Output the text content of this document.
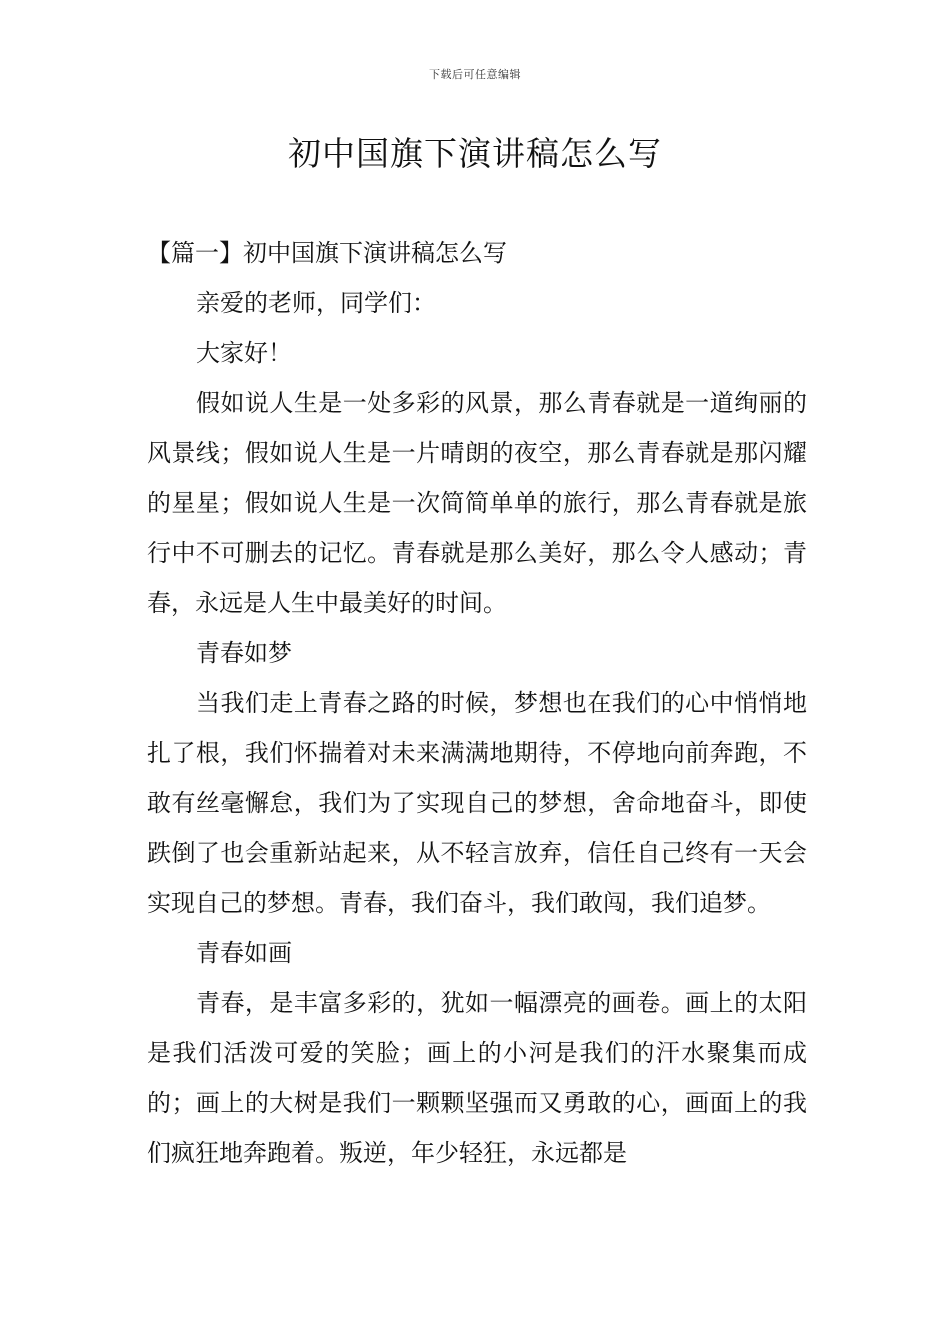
下载后可任意编辑
初中国旗下演讲稿怎么写

【篇一】初中国旗下演讲稿怎么写

亲爱的老师，同学们：

大家好！

假如说人生是一处多彩的风景，那么青春就是一道绚丽的风景线；假如说人生是一片晴朗的夜空，那么青春就是那闪耀的星星；假如说人生是一次简简单单的旅行，那么青春就是旅行中不可删去的记忆。青春就是那么美好，那么令人感动；青春，永远是人生中最美好的时间。

青春如梦

当我们走上青春之路的时候，梦想也在我们的心中悄悄地扎了根，我们怀揣着对未来满满地期待，不停地向前奔跑，不敢有丝毫懈怠，我们为了实现自己的梦想，舍命地奋斗，即使跌倒了也会重新站起来，从不轻言放弃，信任自己终有一天会实现自己的梦想。青春，我们奋斗，我们敢闯，我们追梦。

青春如画

青春，是丰富多彩的，犹如一幅漂亮的画卷。画上的太阳是我们活泼可爱的笑脸；画上的小河是我们的汗水聚集而成的；画上的大树是我们一颗颗坚强而又勇敢的心，画面上的我们疯狂地奔跑着。叛逆，年少轻狂，永远都是
